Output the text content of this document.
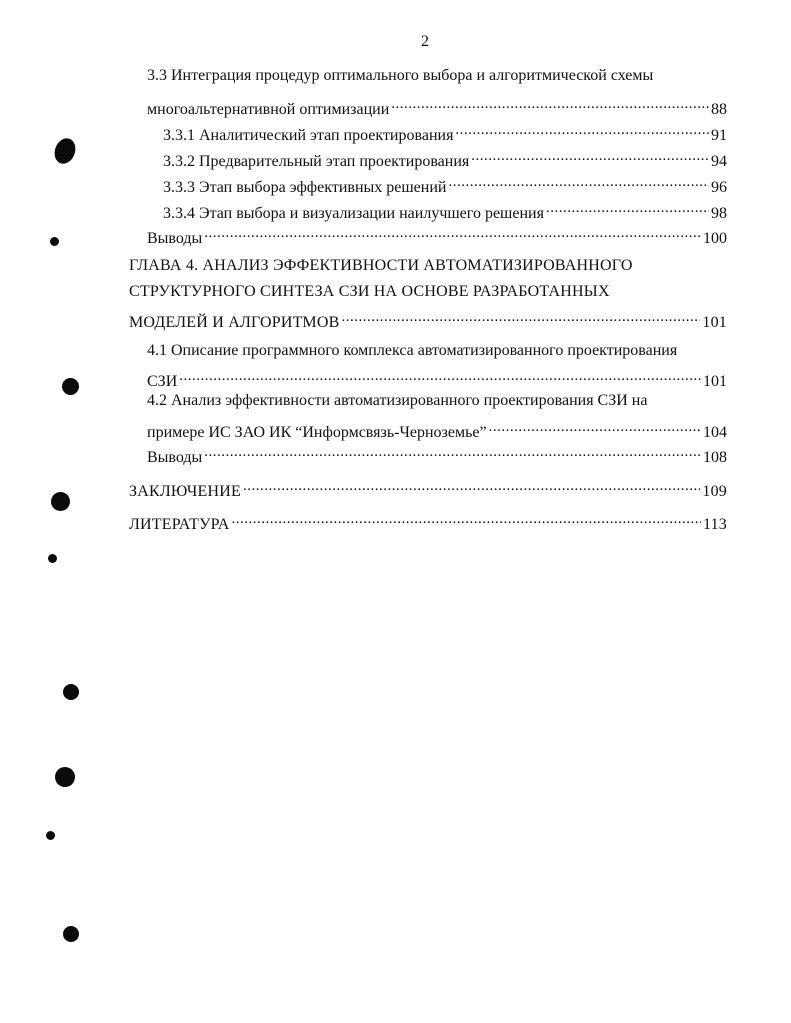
2
3.3 Интеграция процедур оптимального выбора и алгоритмической схемы
многоальтернативной оптимизации .....	88
3.3.1 Аналитический этап проектирования .....	91
3.3.2 Предварительный этап проектирования .....	94
3.3.3 Этап выбора эффективных решений .....	96
3.3.4 Этап выбора и визуализации наилучшего решения .....	98
Выводы .....	100
ГЛАВА 4. АНАЛИЗ ЭФФЕКТИВНОСТИ АВТОМАТИЗИРОВАННОГО
СТРУКТУРНОГО СИНТЕЗА СЗИ НА ОСНОВЕ РАЗРАБОТАННЫХ
МОДЕЛЕЙ И АЛГОРИТМОВ .....	101
4.1 Описание программного комплекса автоматизированного проектирования
СЗИ .....	101
4.2 Анализ эффективности автоматизированного проектирования СЗИ на
примере ИС ЗАО ИК “Информсвязь-Черноземье” .....	104
Выводы .....	108
ЗАКЛЮЧЕНИЕ .....	109
ЛИТЕРАТУРА .....	113
